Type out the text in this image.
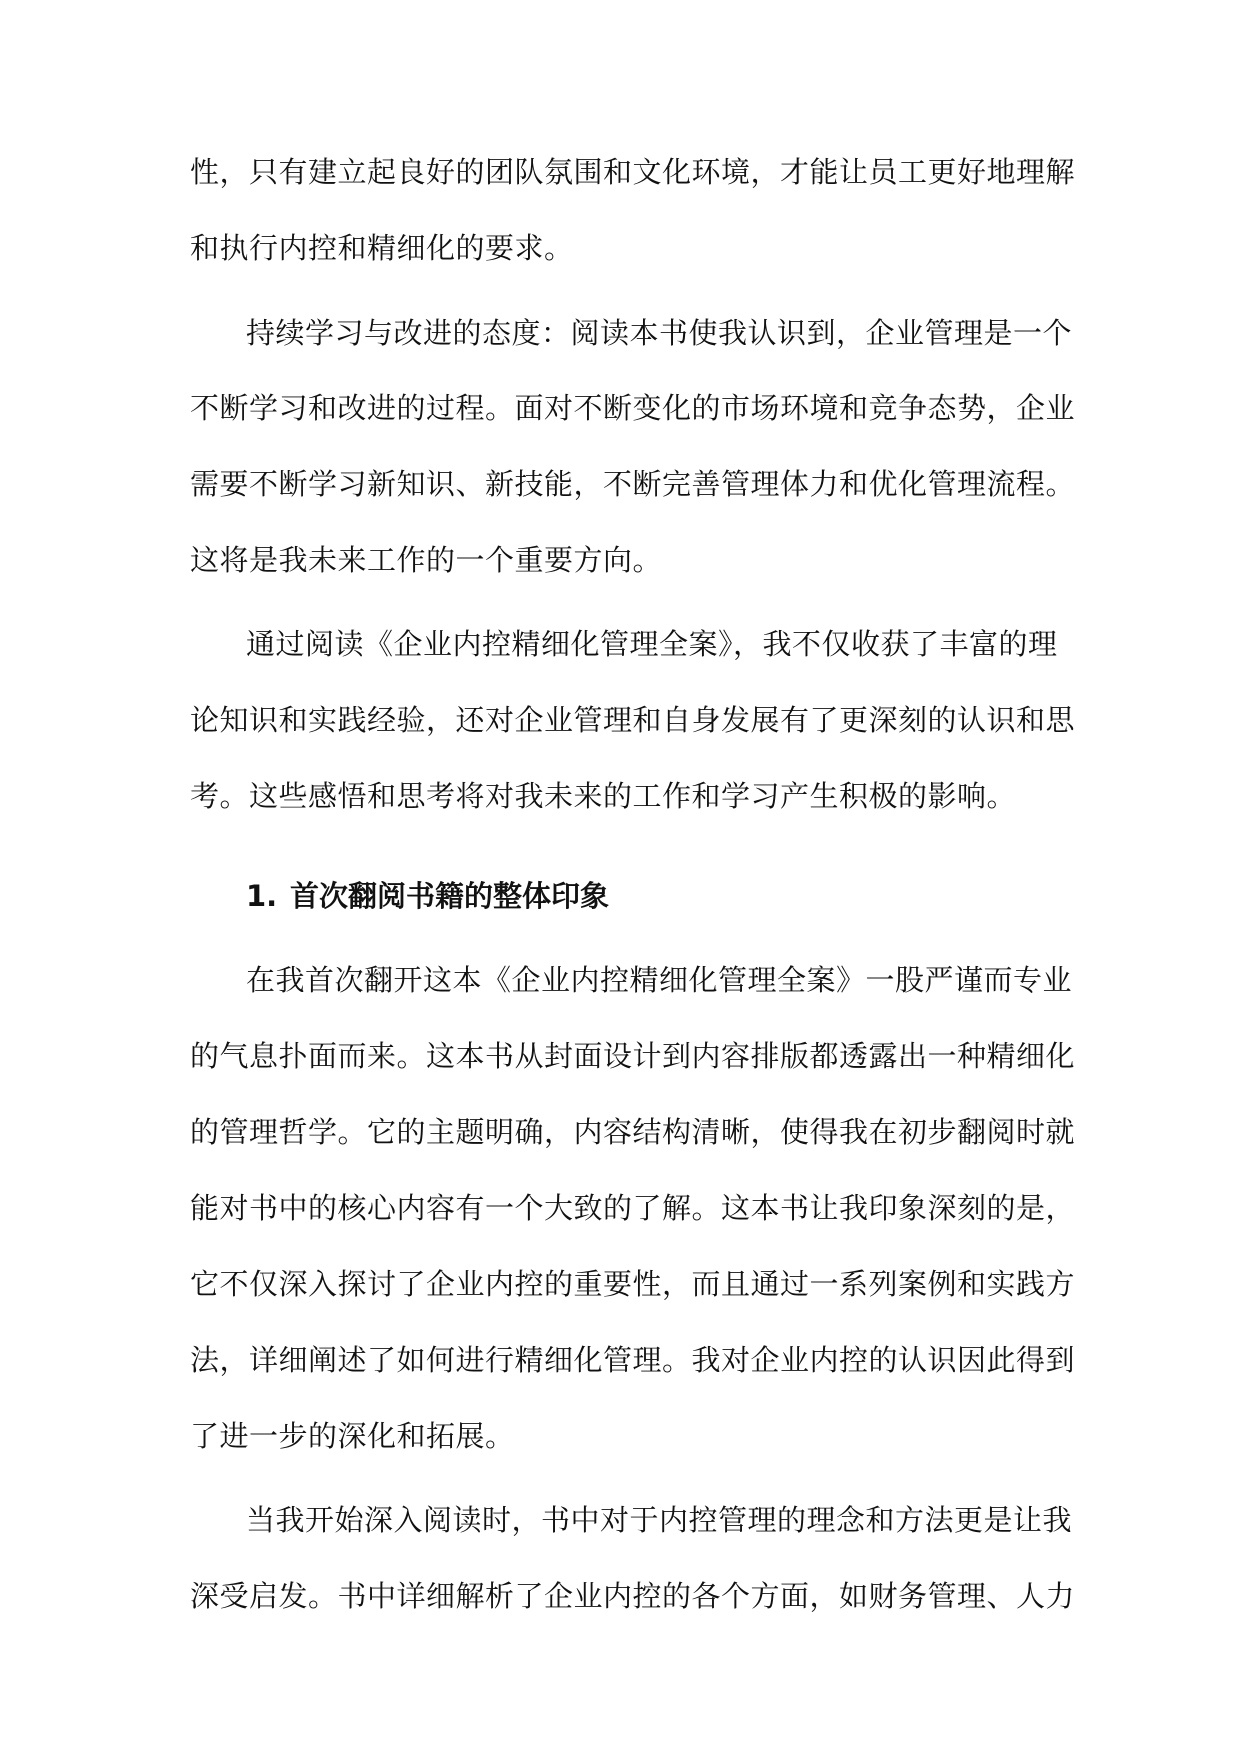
性，只有建立起良好的团队氛围和文化环境，才能让员工更好地理解
和执行内控和精细化的要求。
持续学习与改进的态度：阅读本书使我认识到，企业管理是一个
不断学习和改进的过程。面对不断变化的市场环境和竞争态势，企业
需要不断学习新知识、新技能，不断完善管理体力和优化管理流程。
这将是我未来工作的一个重要方向。
通过阅读《企业内控精细化管理全案》，我不仅收获了丰富的理
论知识和实践经验，还对企业管理和自身发展有了更深刻的认识和思
考。这些感悟和思考将对我未来的工作和学习产生积极的影响。
1. 首次翻阅书籍的整体印象
在我首次翻开这本《企业内控精细化管理全案》一股严谨而专业
的气息扑面而来。这本书从封面设计到内容排版都透露出一种精细化
的管理哲学。它的主题明确，内容结构清晰，使得我在初步翻阅时就
能对书中的核心内容有一个大致的了解。这本书让我印象深刻的是，
它不仅深入探讨了企业内控的重要性，而且通过一系列案例和实践方
法，详细阐述了如何进行精细化管理。我对企业内控的认识因此得到
了进一步的深化和拓展。
当我开始深入阅读时，书中对于内控管理的理念和方法更是让我
深受启发。书中详细解析了企业内控的各个方面，如财务管理、人力
